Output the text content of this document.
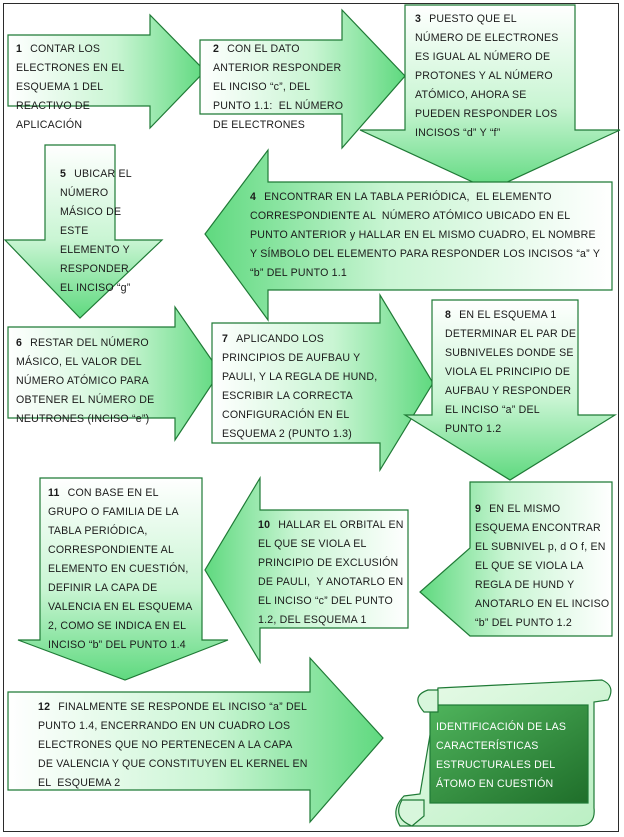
1 CONTAR LOS ELECTRONES EN EL ESQUEMA 1 DEL REACTIVO DE APLICACIÓN
2 CON EL DATO ANTERIOR RESPONDER EL INCISO “c”, DEL PUNTO 1.1:  EL NÚMERO DE ELECTRONES
3 PUESTO QUE EL NÚMERO DE ELECTRONES ES IGUAL AL NÚMERO DE PROTONES Y AL NÚMERO ATÓMICO, AHORA SE PUEDEN RESPONDER LOS INCISOS “d” Y “f”
4 ENCONTRAR EN LA TABLA PERIÓDICA,  EL ELEMENTO CORRESPONDIENTE AL  NÚMERO ATÓMICO UBICADO EN EL PUNTO ANTERIOR y HALLAR EN EL MISMO CUADRO, EL NOMBRE Y SÍMBOLO DEL ELEMENTO PARA RESPONDER LOS INCISOS “a” Y “b” DEL PUNTO 1.1
5 UBICAR EL NÚMERO MÁSICO DE ESTE ELEMENTO Y RESPONDER EL INCISO “g”
6 RESTAR DEL NÚMERO MÁSICO, EL VALOR DEL NÚMERO ATÓMICO PARA OBTENER EL NÚMERO DE NEUTRONES (INCISO “e”)
7 APLICANDO LOS PRINCIPIOS DE AUFBAU Y PAULI, Y LA REGLA DE HUND, ESCRIBIR LA CORRECTA CONFIGURACIÓN EN EL ESQUEMA 2 (PUNTO 1.3)
8 EN EL ESQUEMA 1 DETERMINAR EL PAR DE SUBNIVELES DONDE SE VIOLA EL PRINCIPIO DE AUFBAU Y RESPONDER EL INCISO “a” DEL PUNTO 1.2
9 EN EL MISMO ESQUEMA ENCONTRAR EL SUBNIVEL p, d O f, EN EL QUE SE VIOLA LA REGLA DE HUND Y ANOTARLO EN EL INCISO “b” DEL PUNTO 1.2
10 HALLAR EL ORBITAL EN EL QUE SE VIOLA EL PRINCIPIO DE EXCLUSIÓN DE PAULI,  Y ANOTARLO EN EL INCISO “c” DEL PUNTO 1.2, DEL ESQUEMA 1
11 CON BASE EN EL GRUPO O FAMILIA DE LA TABLA PERIÓDICA, CORRESPONDIENTE AL ELEMENTO EN CUESTIÓN, DEFINIR LA CAPA DE VALENCIA EN EL ESQUEMA 2, COMO SE INDICA EN EL INCISO “b” DEL PUNTO 1.4
12 FINALMENTE SE RESPONDE EL INCISO “a” DEL PUNTO 1.4, ENCERRANDO EN UN CUADRO LOS ELECTRONES QUE NO PERTENECEN A LA CAPA DE VALENCIA Y QUE CONSTITUYEN EL KERNEL EN EL  ESQUEMA 2
IDENTIFICACIÓN DE LAS CARACTERÍSTICAS ESTRUCTURALES DEL ÁTOMO EN CUESTIÓN
